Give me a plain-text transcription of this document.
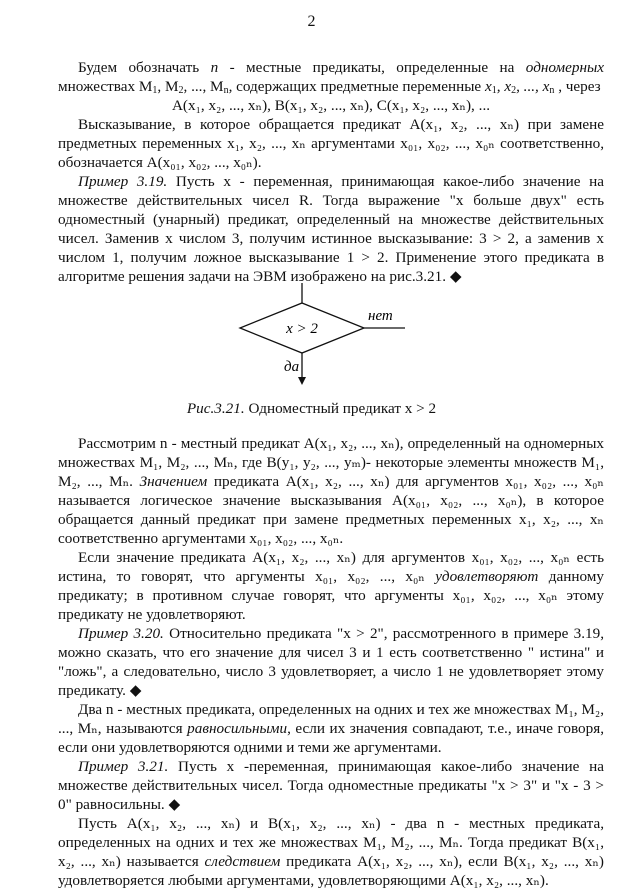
2

Будем обозначать n - местные предикаты, определенные на одномерных множествах $M_1$, $M_2$, ..., $M_n$, содержащих предметные переменные $x_1$, $x_2$, ..., $x_n$ , через

A(x₁, x₂, ..., xₙ), B(x₁, x₂, ..., xₙ), C(x₁, x₂, ..., xₙ), ...

Высказывание, в которое обращается предикат A(x₁, x₂, ..., xₙ) при замене предметных переменных x₁, x₂, ..., xₙ аргументами x₀₁, x₀₂, ..., x₀ₙ соответственно, обозначается A(x₀₁, x₀₂, ..., x₀ₙ).

Пример 3.19. Пусть x - переменная, принимающая какое-либо значение на множестве действительных чисел R. Тогда выражение "x больше двух" есть одноместный (унарный) предикат, определенный на множестве действительных чисел. Заменив x числом 3, получим истинное высказывание: 3 > 2, а заменив x числом 1, получим ложное высказывание 1 > 2. Применение этого предиката в алгоритме решения задачи на ЭВМ изображено на рис.3.21. ◆

x > 2
нет
да
Рис.3.21. Одноместный предикат x > 2

Рассмотрим n - местный предикат A(x₁, x₂, ..., xₙ), определенный на одномерных множествах M₁, M₂, ..., Mₙ, где B(y₁, y₂, ..., yₘ)- некоторые элементы множеств M₁, M₂, ..., Mₙ. Значением предиката A(x₁, x₂, ..., xₙ) для аргументов x₀₁, x₀₂, ..., x₀ₙ называется логическое значение высказывания A(x₀₁, x₀₂, ..., x₀ₙ), в которое обращается данный предикат при замене предметных переменных x₁, x₂, ..., xₙ соответственно аргументами x₀₁, x₀₂, ..., x₀ₙ.

Если значение предиката A(x₁, x₂, ..., xₙ) для аргументов x₀₁, x₀₂, ..., x₀ₙ есть истина, то говорят, что аргументы x₀₁, x₀₂, ..., x₀ₙ удовлетворяют данному предикату; в противном случае говорят, что аргументы x₀₁, x₀₂, ..., x₀ₙ этому предикату не удовлетворяют.

Пример 3.20. Относительно предиката "x > 2", рассмотренного в примере 3.19, можно сказать, что его значение для чисел 3 и 1 есть соответственно " истина" и "ложь", а следовательно, число 3 удовлетворяет, а число 1 не удовлетворяет этому предикату. ◆

Два n - местных предиката, определенных на одних и тех же множествах M₁, M₂, ..., Mₙ, называются равносильными, если их значения совпадают, т.е., иначе говоря, если они удовлетворяются одними и теми же аргументами.

Пример 3.21. Пусть x -переменная, принимающая какое-либо значение на множестве действительных чисел. Тогда одноместные предикаты "x > 3" и "x - 3 > 0" равносильны. ◆

Пусть A(x₁, x₂, ..., xₙ) и B(x₁, x₂, ..., xₙ) - два n - местных предиката, определенных на одних и тех же множествах M₁, M₂, ..., Mₙ. Тогда предикат B(x₁, x₂, ..., xₙ) называется следствием предиката A(x₁, x₂, ..., xₙ), если B(x₁, x₂, ..., xₙ) удовлетворяется любыми аргументами, удовлетворяющими A(x₁, x₂, ..., xₙ).
